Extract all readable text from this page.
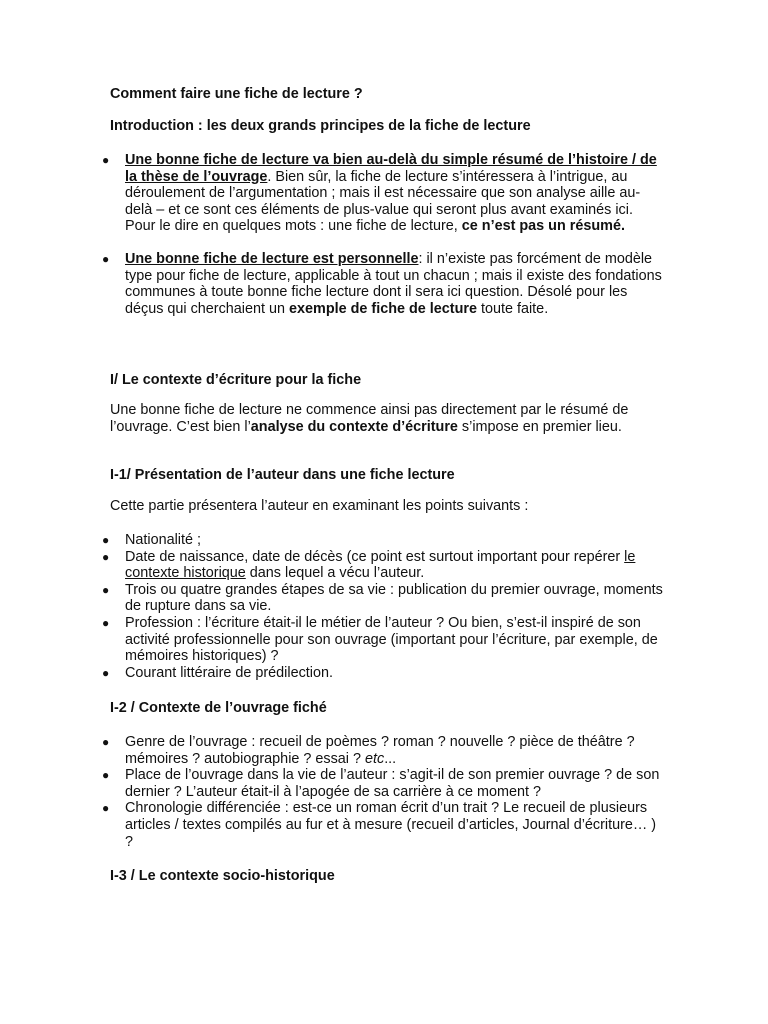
Comment faire une fiche de lecture ?
Introduction : les deux grands principes de la fiche de lecture
● Une bonne fiche de lecture va bien au-delà du simple résumé de l’histoire / de la thèse de l’ouvrage. Bien sûr, la fiche de lecture s’intéressera à l’intrigue, au déroulement de l’argumentation ; mais il est nécessaire que son analyse aille au-delà – et ce sont ces éléments de plus-value qui seront plus avant examinés ici. Pour le dire en quelques mots : une fiche de lecture, ce n’est pas un résumé.
● Une bonne fiche de lecture est personnelle: il n’existe pas forcément de modèle type pour fiche de lecture, applicable à tout un chacun ; mais il existe des fondations communes à toute bonne fiche lecture dont il sera ici question. Désolé pour les déçus qui cherchaient un exemple de fiche de lecture toute faite.
I/ Le contexte d’écriture pour la fiche
Une bonne fiche de lecture ne commence ainsi pas directement par le résumé de l’ouvrage. C’est bien l’analyse du contexte d’écriture s’impose en premier lieu.
I-1/ Présentation de l’auteur dans une fiche lecture
Cette partie présentera l’auteur en examinant les points suivants :
● Nationalité ;
● Date de naissance, date de décès (ce point est surtout important pour repérer le contexte historique dans lequel a vécu l’auteur.
● Trois ou quatre grandes étapes de sa vie : publication du premier ouvrage, moments de rupture dans sa vie.
● Profession : l’écriture était-il le métier de l’auteur ? Ou bien, s’est-il inspiré de son activité professionnelle pour son ouvrage (important pour l’écriture, par exemple, de mémoires historiques) ?
● Courant littéraire de prédilection.
I-2 / Contexte de l’ouvrage fiché
● Genre de l’ouvrage : recueil de poèmes ? roman ? nouvelle ? pièce de théâtre ? mémoires ? autobiographie ? essai ? etc...
● Place de l’ouvrage dans la vie de l’auteur : s’agit-il de son premier ouvrage ? de son dernier ? L’auteur était-il à l’apogée de sa carrière à ce moment ?
● Chronologie différenciée : est-ce un roman écrit d’un trait ? Le recueil de plusieurs articles / textes compilés au fur et à mesure (recueil d’articles, Journal d’écriture… ) ?
I-3 / Le contexte socio-historique
